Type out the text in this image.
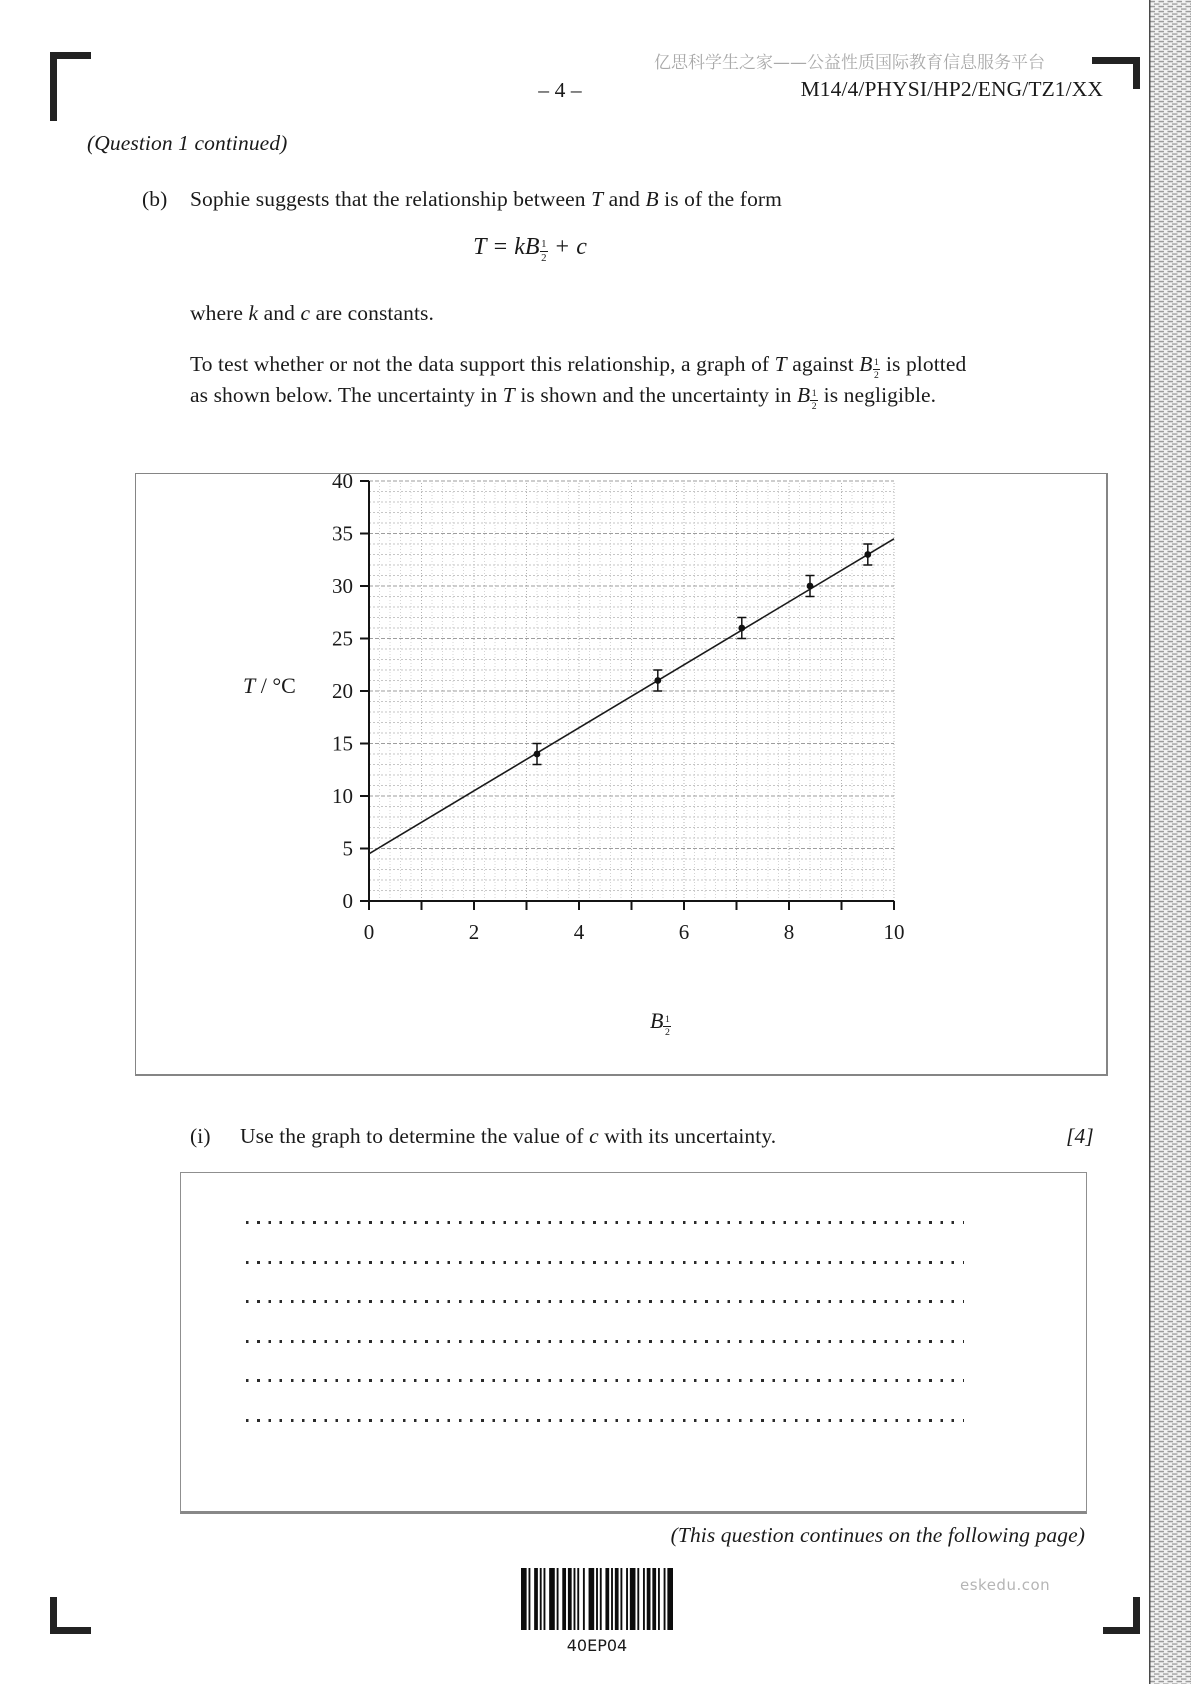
亿思科学生之家——公益性质国际教育信息服务平台
– 4 –	M14/4/PHYSI/HP2/ENG/TZ1/XX
(Question 1 continued)
(b) Sophie suggests that the relationship between T and B is of the form
T = kB $\frac{1}{2} + c$
where k and c are constants.
To test whether or not the data support this relationship, a graph of T against B $\frac{1}{2}$ is plotted
as shown below. The uncertainty in T is shown and the uncertainty in B $\frac{1}{2}$ is negligible.
0	2	4	6	8	10
0
5
10
15
20
25
30
35
40
T / °C
B $\frac{1}{2}$
(i) Use the graph to determine the value of c with its uncertainty.	[4]
(This question continues on the following page)
40EP04
eskedu.con
